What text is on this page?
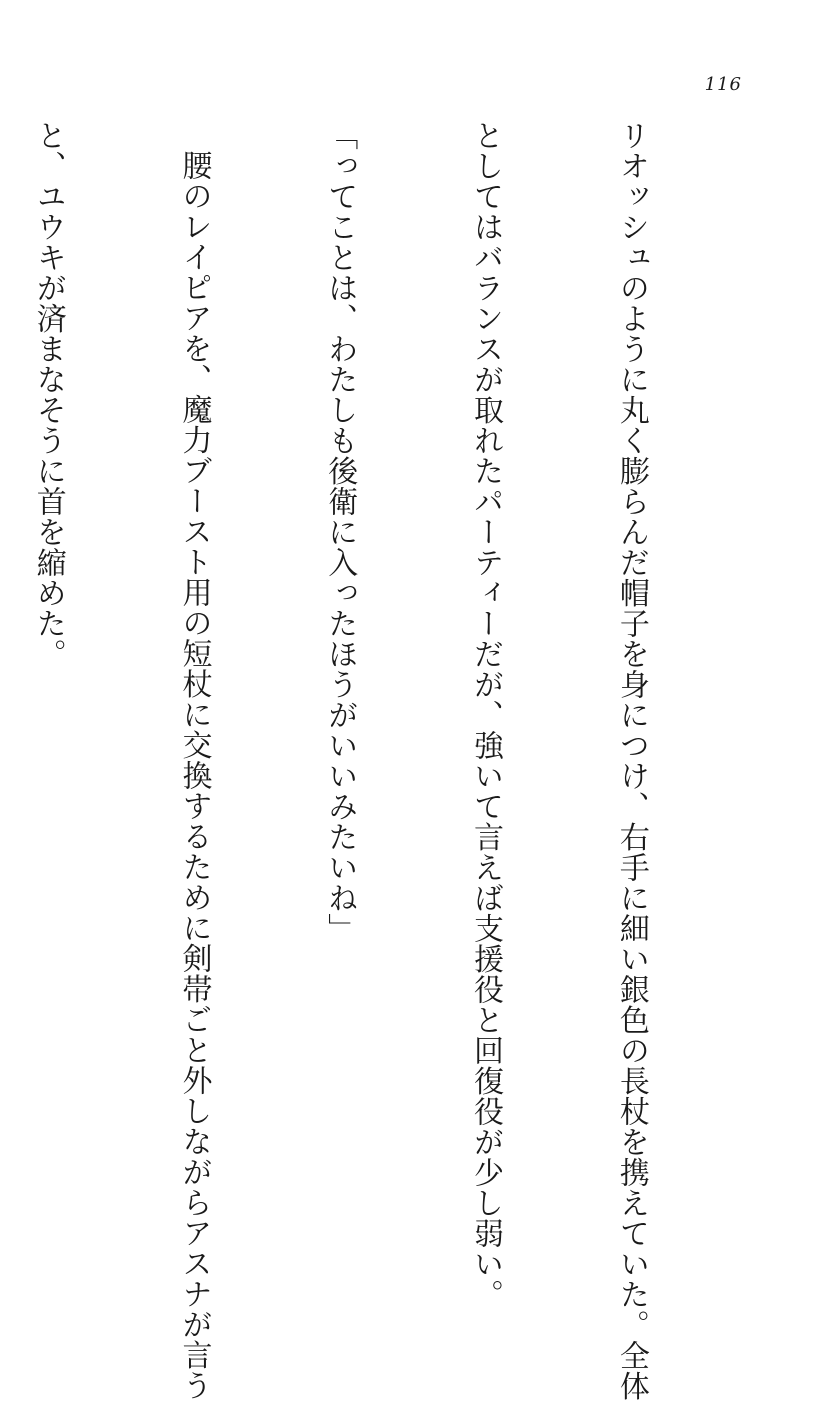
116

リオッシュのように丸く膨らんだ帽子を身につけ、右手に細い銀色の長杖を携えていた。全体

としてはバランスが取れたパーティーだが、強いて言えば支援役と回復役が少し弱い。

「ってことは、わたしも後衛に入ったほうがいいみたいね」

腰のレイピアを、魔力ブースト用の短杖に交換するために剣帯ごと外しながらアスナが言う

と、ユウキが済まなそうに首を縮めた。
